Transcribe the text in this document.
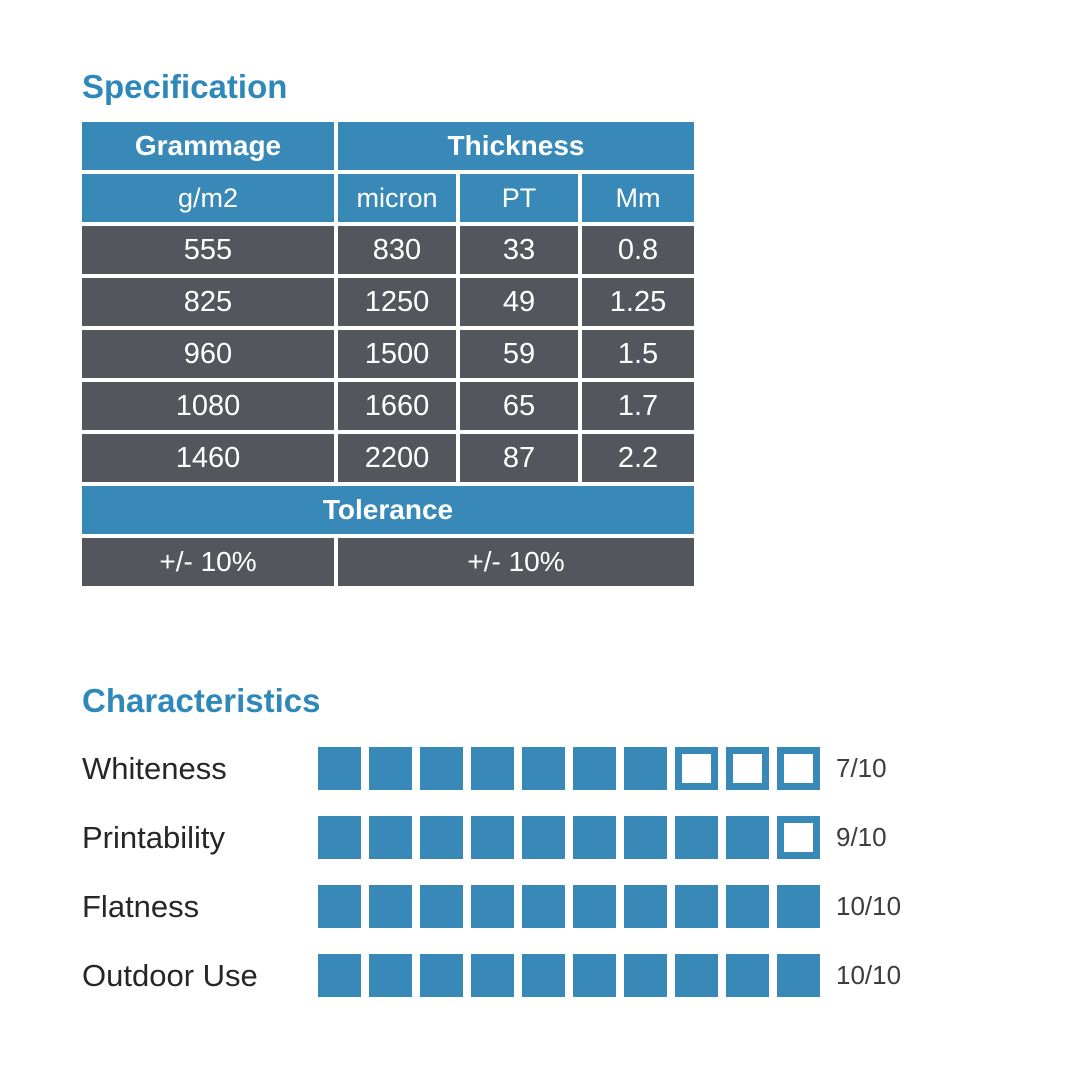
Specification
Grammage	Thickness
g/m2	micron	PT	Mm
555	830	33	0.8
825	1250	49	1.25
960	1500	59	1.5
1080	1660	65	1.7
1460	2200	87	2.2
Tolerance
+/- 10%	+/- 10%
Characteristics
Whiteness	7/10
Printability	9/10
Flatness	10/10
Outdoor Use	10/10
